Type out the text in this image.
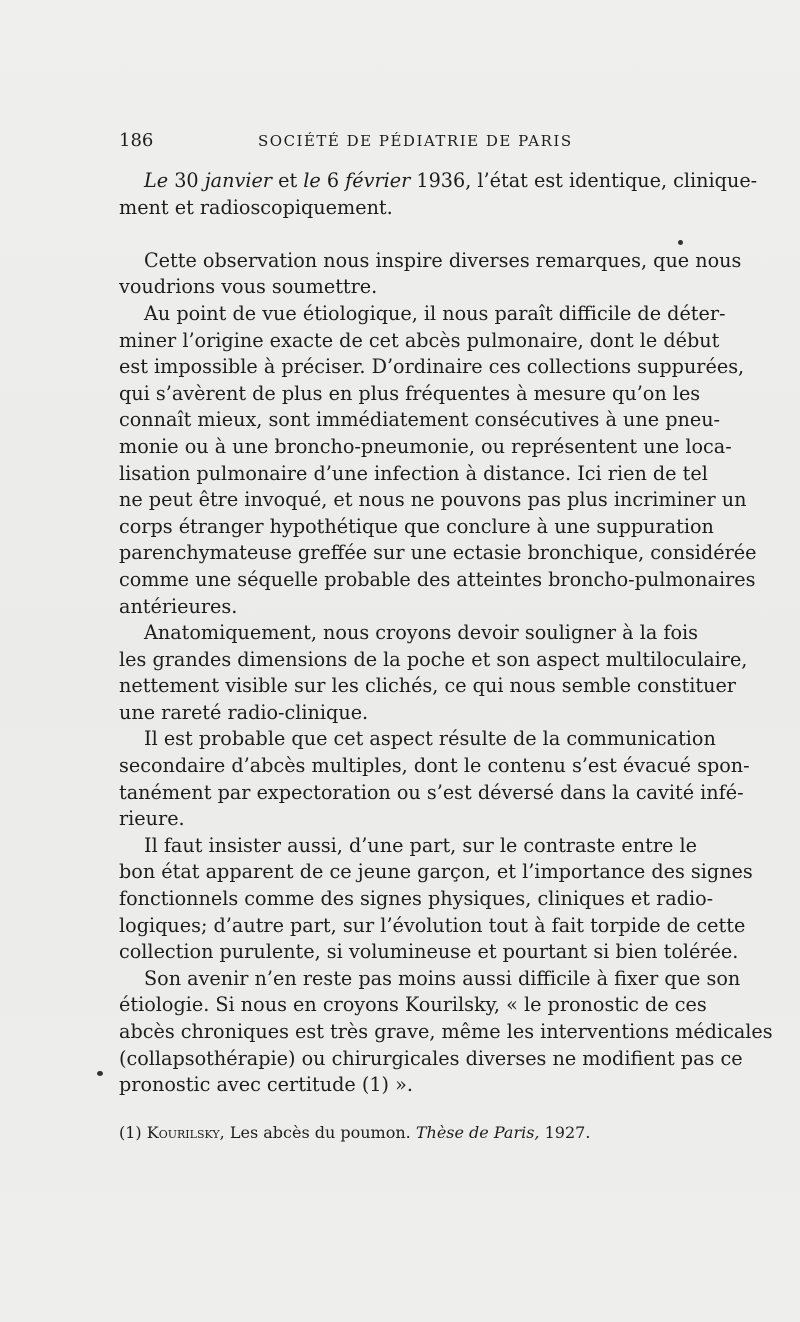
186	SOCIÉTÉ DE PÉDIATRIE DE PARIS
Le 30 janvier et le 6 février 1936, l’état est identique, clinique-
ment et radioscopiquement.
Cette observation nous inspire diverses remarques, que nous
voudrions vous soumettre.
Au point de vue étiologique, il nous paraît difficile de déter-
miner l’origine exacte de cet abcès pulmonaire, dont le début
est impossible à préciser. D’ordinaire ces collections suppurées,
qui s’avèrent de plus en plus fréquentes à mesure qu’on les
connaît mieux, sont immédiatement consécutives à une pneu-
monie ou à une broncho-pneumonie, ou représentent une loca-
lisation pulmonaire d’une infection à distance. Ici rien de tel
ne peut être invoqué, et nous ne pouvons pas plus incriminer un
corps étranger hypothétique que conclure à une suppuration
parenchymateuse greffée sur une ectasie bronchique, considérée
comme une séquelle probable des atteintes broncho-pulmonaires
antérieures.
Anatomiquement, nous croyons devoir souligner à la fois
les grandes dimensions de la poche et son aspect multiloculaire,
nettement visible sur les clichés, ce qui nous semble constituer
une rareté radio-clinique.
Il est probable que cet aspect résulte de la communication
secondaire d’abcès multiples, dont le contenu s’est évacué spon-
tanément par expectoration ou s’est déversé dans la cavité infé-
rieure.
Il faut insister aussi, d’une part, sur le contraste entre le
bon état apparent de ce jeune garçon, et l’importance des signes
fonctionnels comme des signes physiques, cliniques et radio-
logiques; d’autre part, sur l’évolution tout à fait torpide de cette
collection purulente, si volumineuse et pourtant si bien tolérée.
Son avenir n’en reste pas moins aussi difficile à fixer que son
étiologie. Si nous en croyons Kourilsky, « le pronostic de ces
abcès chroniques est très grave, même les interventions médicales
(collapsothérapie) ou chirurgicales diverses ne modifient pas ce
pronostic avec certitude (1) ».
(1) Kourilsky, Les abcès du poumon. Thèse de Paris, 1927.
